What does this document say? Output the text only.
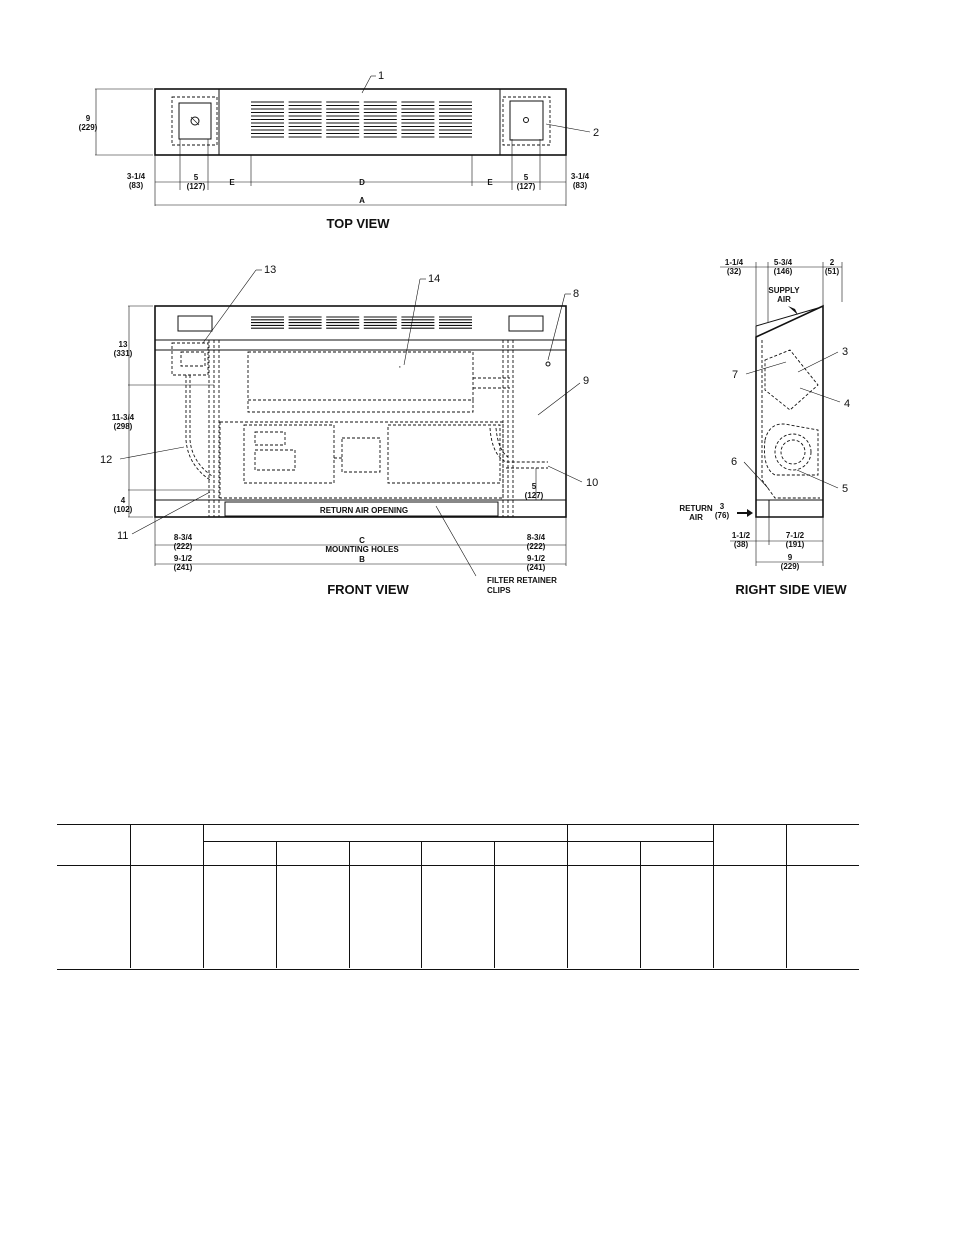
1
2
9
(229)
3-1/4
(83)
5
(127)	E	D	E
5
(127)
3-1/4
(83)
A
TOP VIEW
·
RETURN AIR OPENING
13
(331)
11-3/4
(298)
4
(102)
8-3/4
(222)
9-1/2
(241)
C
MOUNTING HOLES
B
8-3/4
(222)
9-1/2
(241)
5
(127)
FILTER RETAINER
CLIPS
13
14
8
9
10
12
11
FRONT VIEW
1-1/4
(32)
5-3/4
(146)
2
(51)
SUPPLY
AIR
RETURN
AIR
3
(76)
1-1/2
(38)
7-1/2
(191)
9
(229)
3
4
7
6
5
RIGHT SIDE VIEW
